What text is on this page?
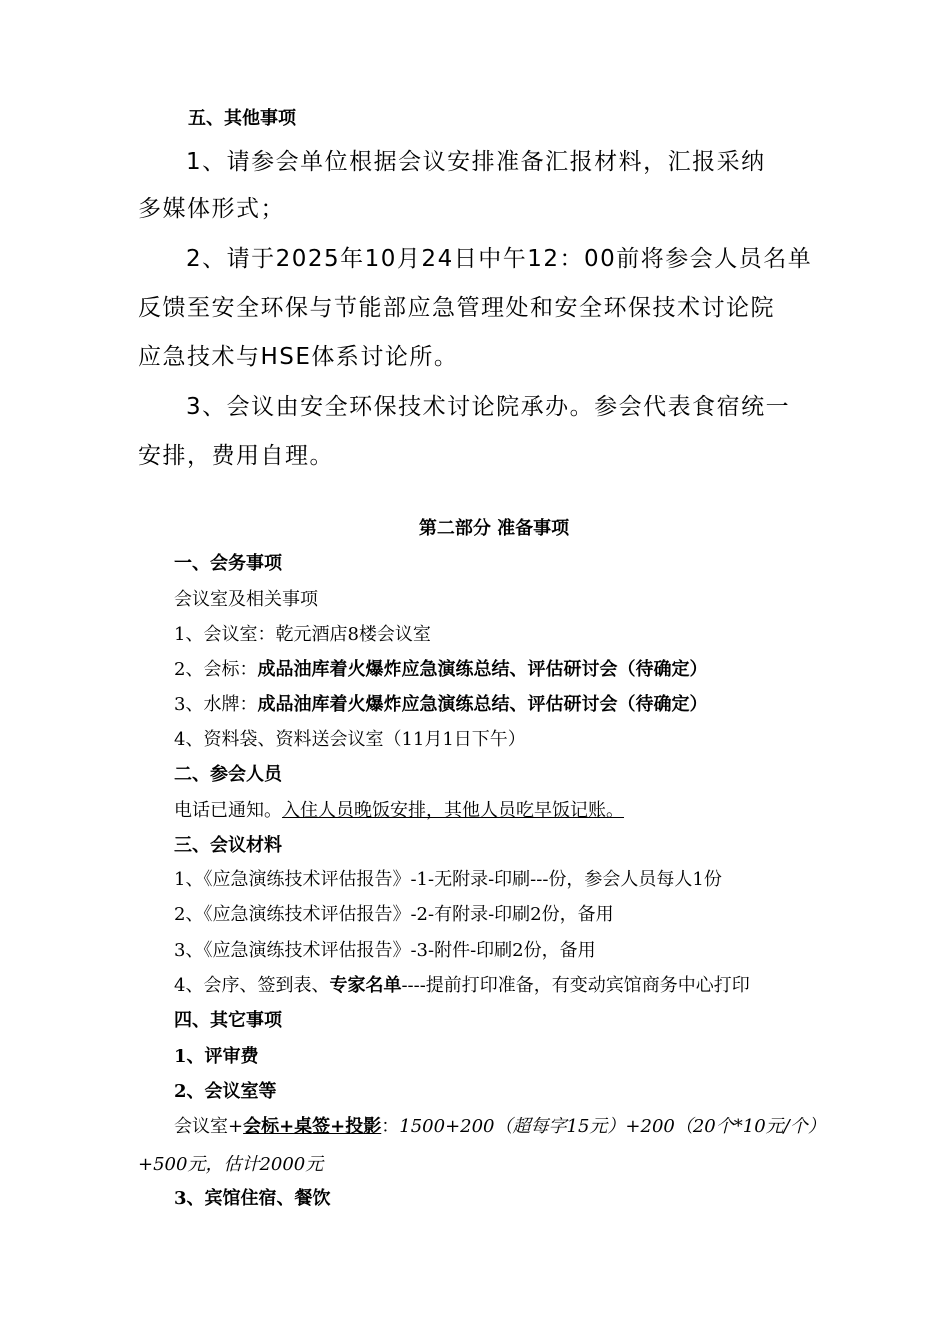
五、其他事项
1、请参会单位根据会议安排准备汇报材料，汇报采纳
多媒体形式；
2、请于2025年10月24日中午12：00前将参会人员名单
反馈至安全环保与节能部应急管理处和安全环保技术讨论院
应急技术与HSE体系讨论所。
3、会议由安全环保技术讨论院承办。参会代表食宿统一
安排，费用自理。
第二部分 准备事项
一、会务事项
会议室及相关事项
1、会议室：乾元酒店8楼会议室
2、会标：成品油库着火爆炸应急演练总结、评估研讨会（待确定）
3、水牌：成品油库着火爆炸应急演练总结、评估研讨会（待确定）
4、资料袋、资料送会议室（11月1日下午）
二、参会人员
电话已通知。入住人员晚饭安排，其他人员吃早饭记账。
三、会议材料
1、《应急演练技术评估报告》-1-无附录-印刷---份，参会人员每人1份
2、《应急演练技术评估报告》-2-有附录-印刷2份，备用
3、《应急演练技术评估报告》-3-附件-印刷2份，备用
4、会序、签到表、专家名单----提前打印准备，有变动宾馆商务中心打印
四、其它事项
1、评审费
2、会议室等
会议室+会标+桌签+投影：1500+200（超每字15元）+200（20个*10元/个）
+500元，估计2000元
3、宾馆住宿、餐饮
